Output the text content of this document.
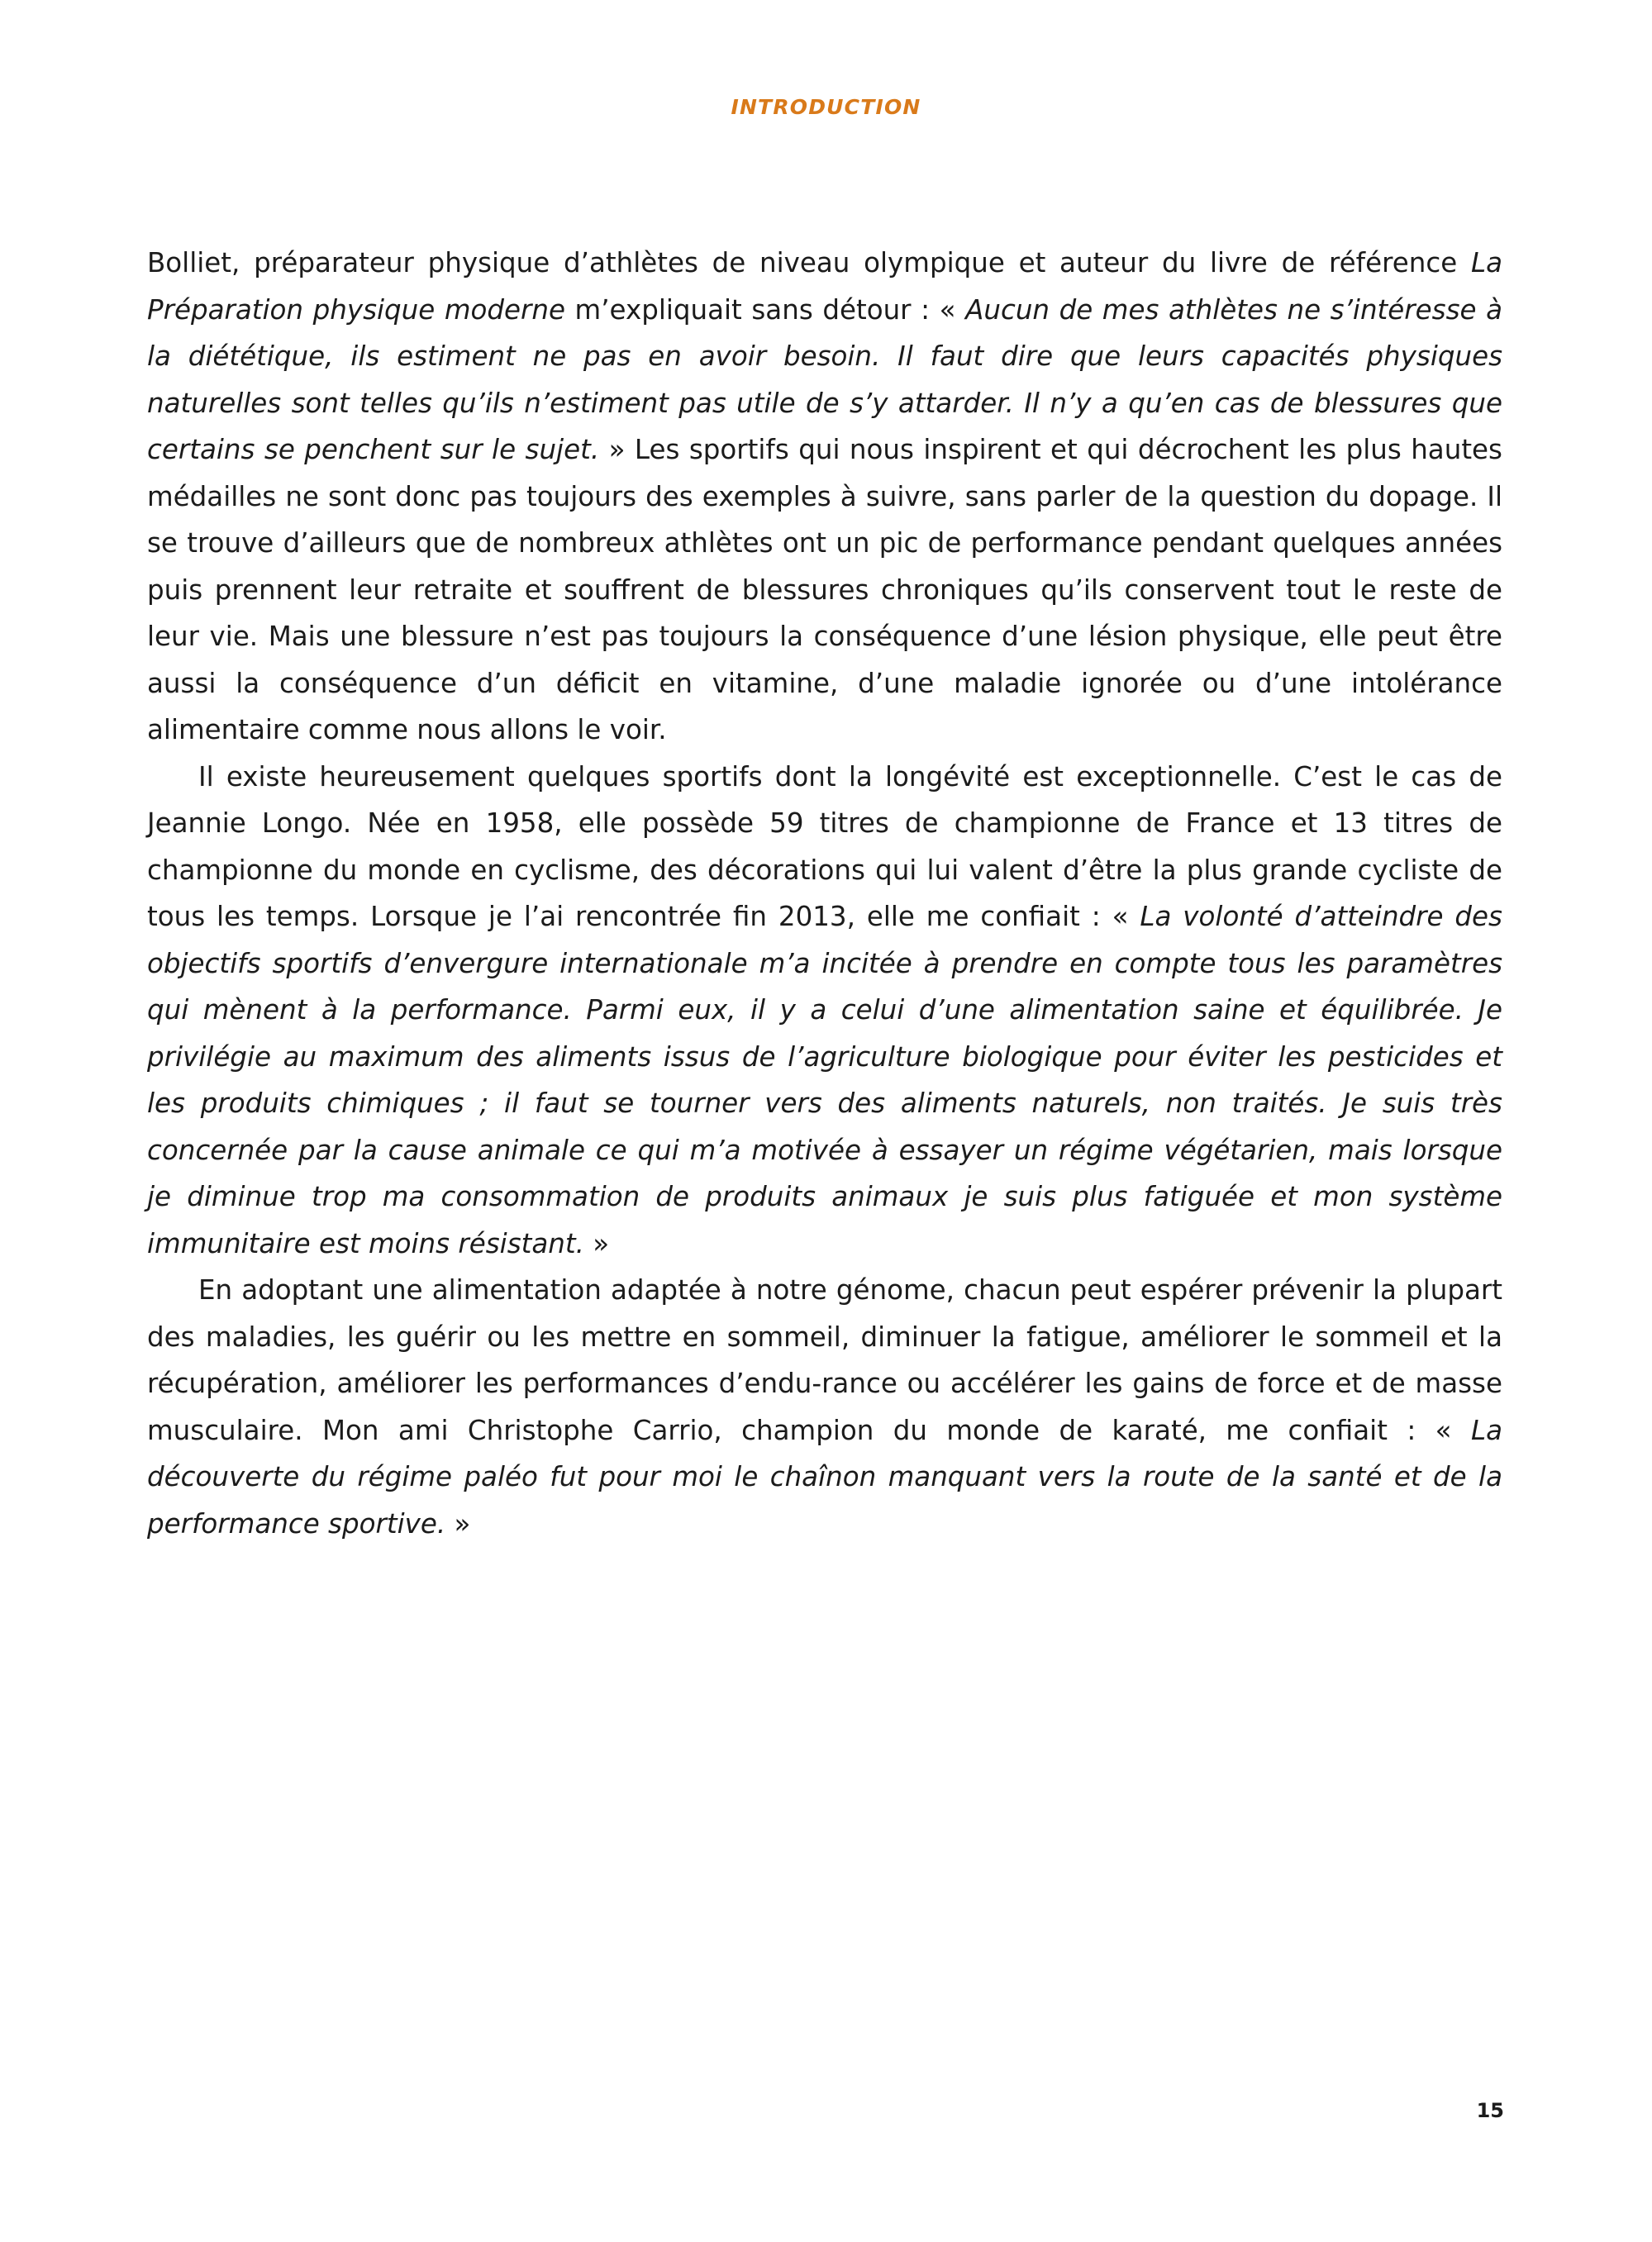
INTRODUCTION

Bolliet, préparateur physique d’athlètes de niveau olympique et auteur du livre de référence La Préparation physique moderne m’expliquait sans détour : « Aucun de mes athlètes ne s’intéresse à la diététique, ils estiment ne pas en avoir besoin. Il faut dire que leurs capacités physiques naturelles sont telles qu’ils n’estiment pas utile de s’y attarder. Il n’y a qu’en cas de blessures que certains se penchent sur le sujet. » Les sportifs qui nous inspirent et qui décrochent les plus hautes médailles ne sont donc pas toujours des exemples à suivre, sans parler de la question du dopage. Il se trouve d’ailleurs que de nombreux athlètes ont un pic de performance pendant quelques années puis prennent leur retraite et souffrent de blessures chroniques qu’ils conservent tout le reste de leur vie. Mais une blessure n’est pas toujours la conséquence d’une lésion physique, elle peut être aussi la conséquence d’un déficit en vitamine, d’une maladie ignorée ou d’une intolérance alimentaire comme nous allons le voir.

Il existe heureusement quelques sportifs dont la longévité est exceptionnelle. C’est le cas de Jeannie Longo. Née en 1958, elle possède 59 titres de championne de France et 13 titres de championne du monde en cyclisme, des décorations qui lui valent d’être la plus grande cycliste de tous les temps. Lorsque je l’ai rencontrée fin 2013, elle me confiait : « La volonté d’atteindre des objectifs sportifs d’envergure internationale m’a incitée à prendre en compte tous les paramètres qui mènent à la performance. Parmi eux, il y a celui d’une alimentation saine et équilibrée. Je privilégie au maximum des aliments issus de l’agriculture biologique pour éviter les pesticides et les produits chimiques ; il faut se tourner vers des aliments naturels, non traités. Je suis très concernée par la cause animale ce qui m’a motivée à essayer un régime végétarien, mais lorsque je diminue trop ma consommation de produits animaux je suis plus fatiguée et mon système immunitaire est moins résistant. »

En adoptant une alimentation adaptée à notre génome, chacun peut espérer prévenir la plupart des maladies, les guérir ou les mettre en sommeil, diminuer la fatigue, améliorer le sommeil et la récupération, améliorer les performances d’endu-rance ou accélérer les gains de force et de masse musculaire. Mon ami Christophe Carrio, champion du monde de karaté, me confiait : « La découverte du régime paléo fut pour moi le chaînon manquant vers la route de la santé et de la performance sportive. »

15
